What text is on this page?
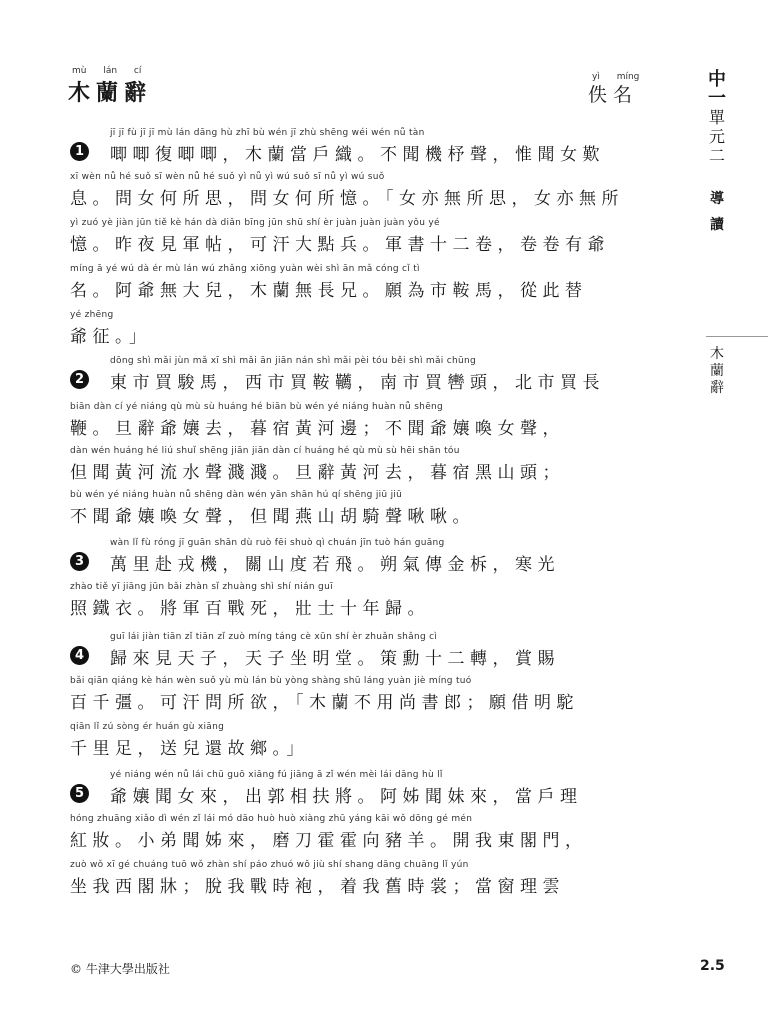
mù lán cí
木蘭辭
yì míng
佚名
1
jī jī fù jī jī mù lán dāng hù zhī bù wén jī zhù shēng wéi wén nǚ tàn
唧唧復唧唧，木蘭當戶織。不聞機杼聲，惟聞女歎
xī wèn nǚ hé suǒ sī wèn nǚ hé suǒ yì nǚ yì wú suǒ sī nǚ yì wú suǒ
息。問女何所思，問女何所憶。「女亦無所思，女亦無所
yì zuó yè jiàn jūn tiě kè hán dà diǎn bīng jūn shū shí èr juàn juàn juàn yǒu yé
憶。昨夜見軍帖，可汗大點兵。軍書十二卷，卷卷有爺
míng ā yé wú dà ér mù lán wú zhǎng xiōng yuàn wèi shì ān mǎ cóng cǐ tì
名。阿爺無大兒，木蘭無長兄。願為市鞍馬，從此替
yé zhēng
爺征。」
2
dōng shì mǎi jùn mǎ xī shì mǎi ān jiān nán shì mǎi pèi tóu běi shì mǎi chūng
東市買駿馬，西市買鞍韉，南市買轡頭，北市買長
biān dàn cí yé niáng qù mù sù huáng hé biān bù wén yé niáng huàn nǚ shēng
鞭。旦辭爺孃去，暮宿黃河邊；不聞爺孃喚女聲，
dàn wén huáng hé liú shuǐ shēng jiān jiān dàn cí huáng hé qù mù sù hēi shān tóu
但聞黃河流水聲濺濺。旦辭黃河去，暮宿黑山頭；
bù wén yé niáng huàn nǚ shēng dàn wén yān shān hú qí shēng jiū jiū
不聞爺孃喚女聲，但聞燕山胡騎聲啾啾。
3
wàn lǐ fù róng jī guān shān dù ruò fēi shuò qì chuán jīn tuò hán guāng
萬里赴戎機，關山度若飛。朔氣傳金柝，寒光
zhào tiě yī jiāng jūn bǎi zhàn sǐ zhuàng shì shí nián guī
照鐵衣。將軍百戰死，壯士十年歸。
4
guī lái jiàn tiān zǐ tiān zǐ zuò míng táng cè xūn shí èr zhuǎn shǎng cì
歸來見天子，天子坐明堂。策勳十二轉，賞賜
bǎi qiān qiáng kè hán wèn suǒ yù mù lán bù yòng shàng shū láng yuàn jiè míng tuó
百千彊。可汗問所欲，「木蘭不用尚書郎；願借明駝
qiān lǐ zú sòng ér huán gù xiāng
千里足，送兒還故鄉。」
5
yé niáng wén nǚ lái chū guō xiāng fú jiāng ā zǐ wén mèi lái dāng hù lǐ
爺孃聞女來，出郭相扶將。阿姊聞妹來，當戶理
hóng zhuāng xiǎo dì wén zǐ lái mó dāo huò huò xiàng zhū yáng kāi wǒ dōng gé mén
紅妝。小弟聞姊來，磨刀霍霍向豬羊。開我東閣門，
zuò wǒ xī gé chuáng tuō wǒ zhàn shí páo zhuó wǒ jiù shí shang dāng chuāng lǐ yún
坐我西閣牀；脫我戰時袍，着我舊時裳；當窗理雲
中一
單
元
二
導
讀
木
蘭
辭
© 牛津大學出版社	2.5
